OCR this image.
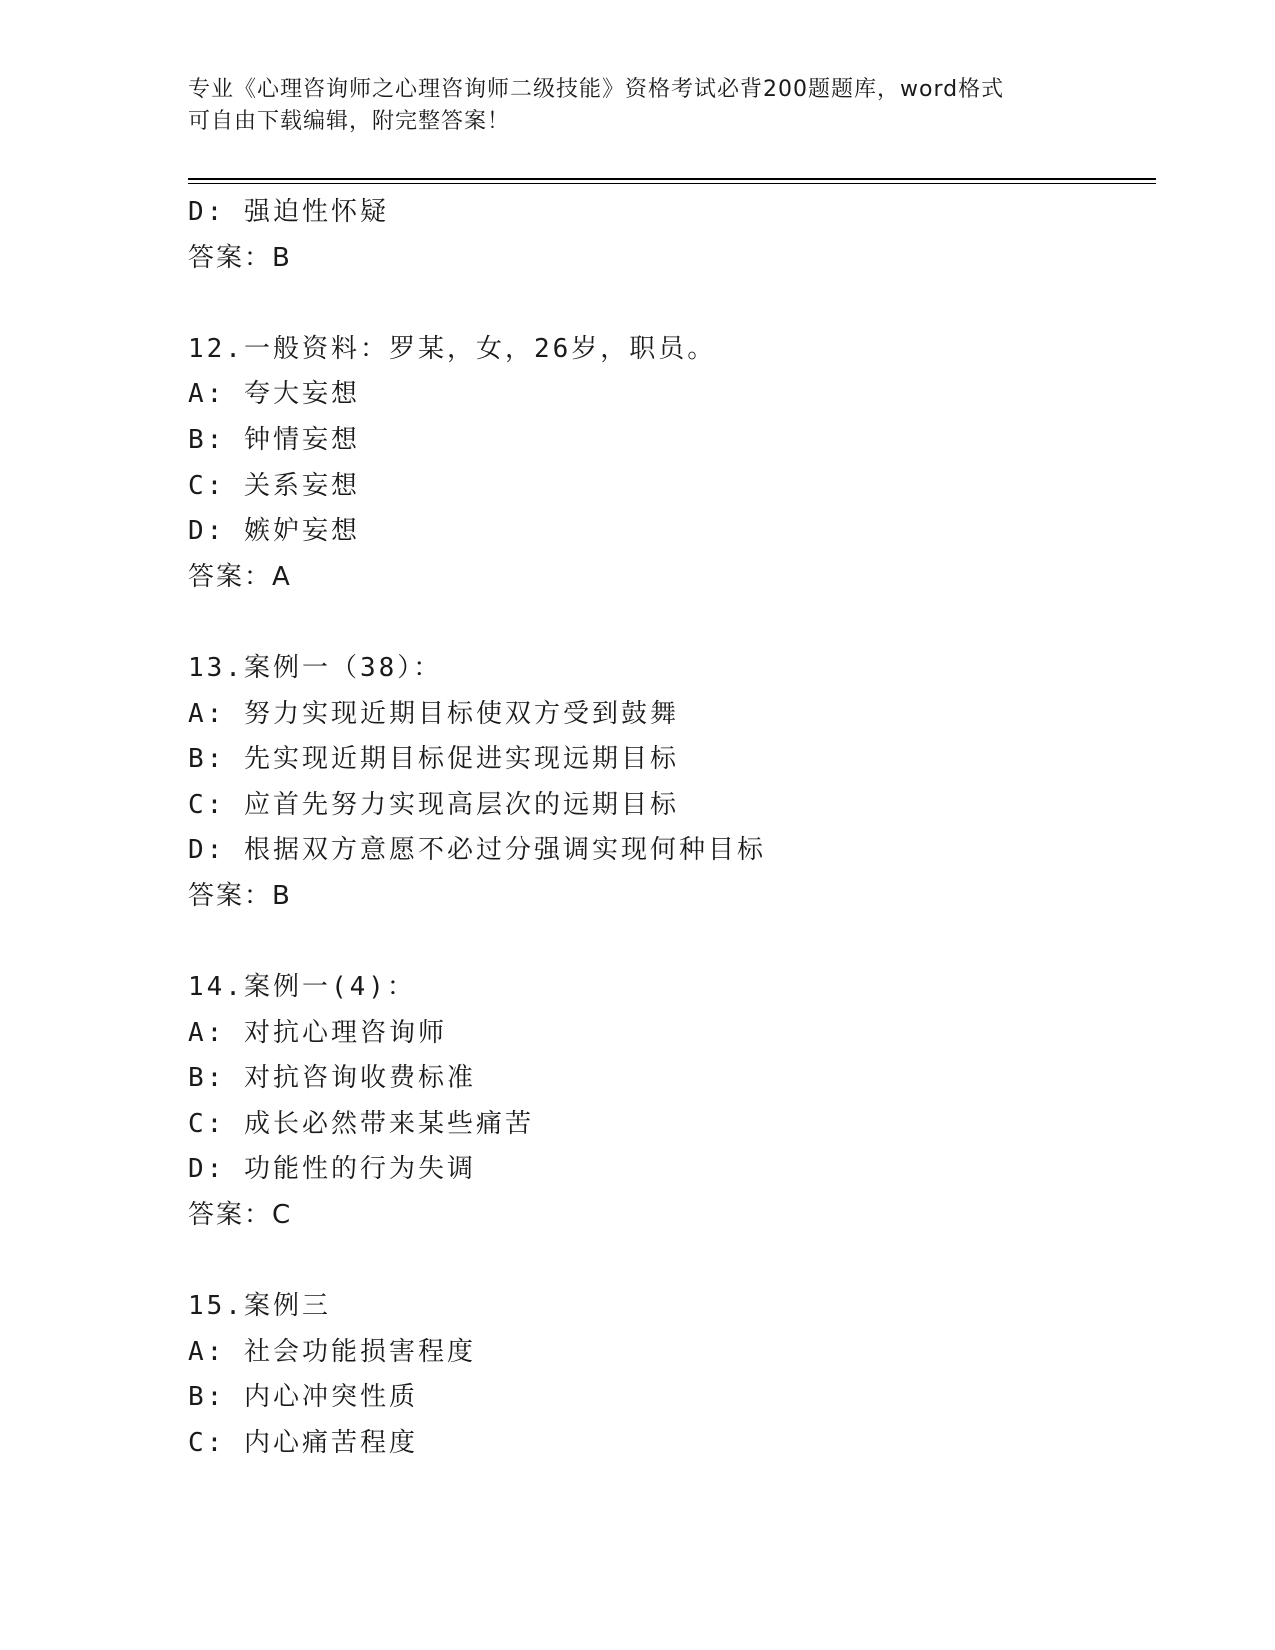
专业《心理咨询师之心理咨询师二级技能》资格考试必背200题题库，word格式
可自由下载编辑，附完整答案！
D: 强迫性怀疑
答案：B
12.一般资料：罗某，女，26岁，职员。
A: 夸大妄想
B: 钟情妄想
C: 关系妄想
D: 嫉妒妄想
答案：A
13.案例一（38）：
A: 努力实现近期目标使双方受到鼓舞
B: 先实现近期目标促进实现远期目标
C: 应首先努力实现高层次的远期目标
D: 根据双方意愿不必过分强调实现何种目标
答案：B
14.案例一(4)：
A: 对抗心理咨询师
B: 对抗咨询收费标准
C: 成长必然带来某些痛苦
D: 功能性的行为失调
答案：C
15.案例三
A: 社会功能损害程度
B: 内心冲突性质
C: 内心痛苦程度
